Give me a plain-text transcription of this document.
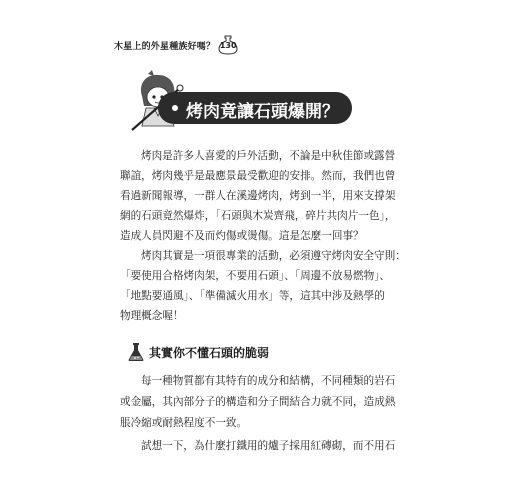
木星上的外星種族好嗎？ 130
烤肉竟讓石頭爆開？
烤肉是許多人喜愛的戶外活動，不論是中秋佳節或露營
聯誼，烤肉幾乎是最應景最受歡迎的安排。然而，我們也曾
看過新聞報導，一群人在溪邊烤肉，烤到一半，用來支撐架
網的石頭竟然爆炸，「石頭與木炭齊飛，碎片共肉片一色」，
造成人員閃避不及而灼傷或燙傷。這是怎麼一回事？
烤肉其實是一項很專業的活動，必須遵守烤肉安全守則：
「要使用合格烤肉架，不要用石頭」、「周邊不放易燃物」、
「地點要通風」、「準備滅火用水」等，這其中涉及熱學的
物理概念喔！
其實你不懂石頭的脆弱
每一種物質都有其特有的成分和結構，不同種類的岩石
或金屬，其內部分子的構造和分子間結合力就不同，造成熱
脹冷縮或耐熱程度不一致。
試想一下，為什麼打鐵用的爐子採用紅磚砌，而不用石
